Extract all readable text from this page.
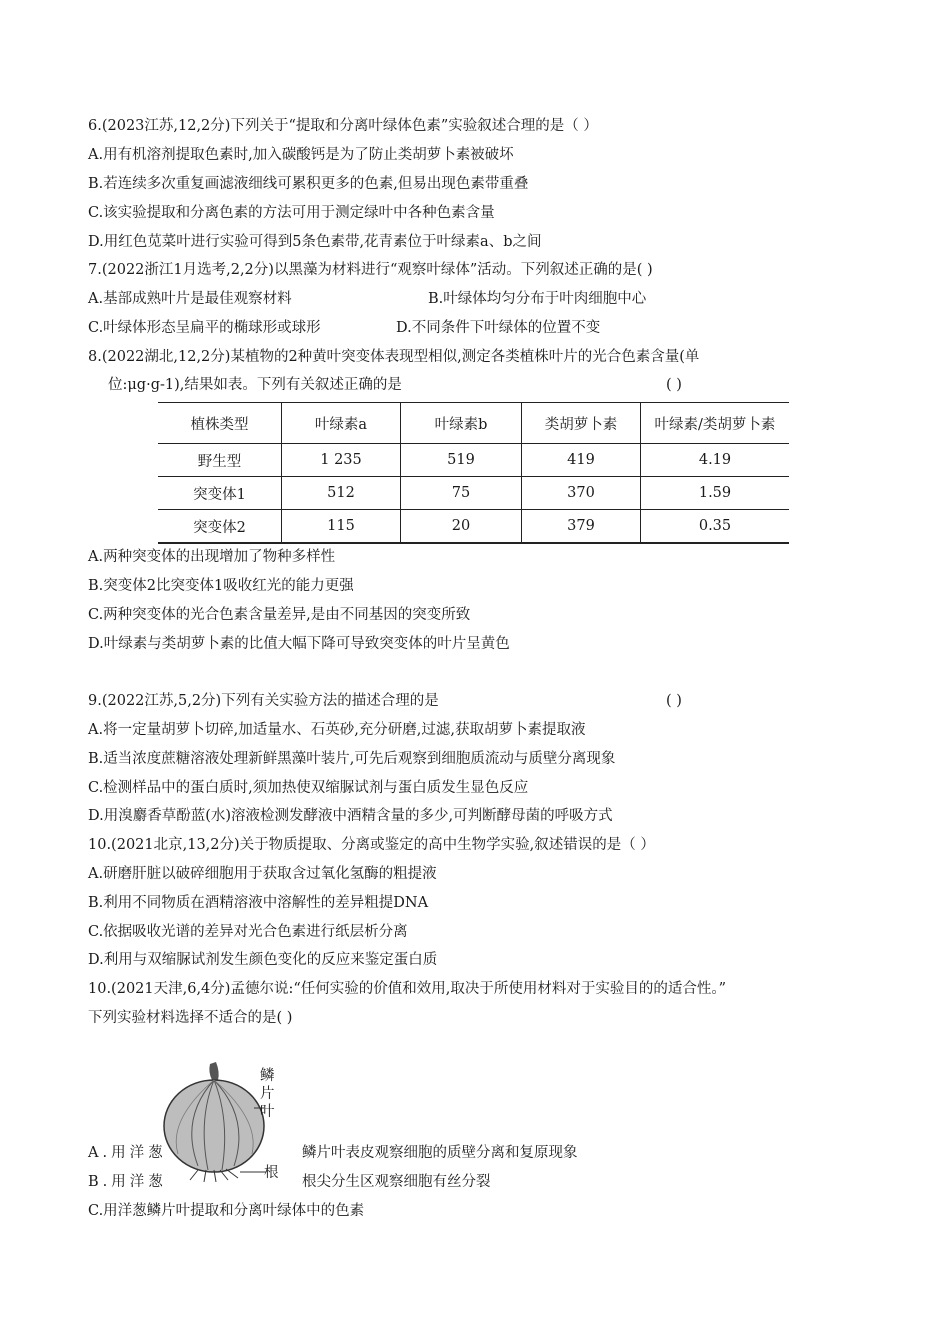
6.(2023江苏,12,2分)下列关于“提取和分离叶绿体色素”实验叙述合理的是（ ）
A.用有机溶剂提取色素时,加入碳酸钙是为了防止类胡萝卜素被破坏
B.若连续多次重复画滤液细线可累积更多的色素,但易出现色素带重叠
C.该实验提取和分离色素的方法可用于测定绿叶中各种色素含量
D.用红色苋菜叶进行实验可得到5条色素带,花青素位于叶绿素a、b之间
7.(2022浙江1月选考,2,2分)以黑藻为材料进行“观察叶绿体”活动。下列叙述正确的是( )
A.基部成熟叶片是最佳观察材料	B.叶绿体均匀分布于叶肉细胞中心
C.叶绿体形态呈扁平的椭球形或球形	D.不同条件下叶绿体的位置不变
8.(2022湖北,12,2分)某植物的2种黄叶突变体表现型相似,测定各类植株叶片的光合色素含量(单
位:μg·g-1),结果如表。下列有关叙述正确的是	( )
植株类型	叶绿素a	叶绿素b	类胡萝卜素	叶绿素/类胡萝卜素
野生型	1 235	519	419	4.19
突变体1	512	75	370	1.59
突变体2	115	20	379	0.35
A.两种突变体的出现增加了物种多样性
B.突变体2比突变体1吸收红光的能力更强
C.两种突变体的光合色素含量差异,是由不同基因的突变所致
D.叶绿素与类胡萝卜素的比值大幅下降可导致突变体的叶片呈黄色
9.(2022江苏,5,2分)下列有关实验方法的描述合理的是	( )
A.将一定量胡萝卜切碎,加适量水、石英砂,充分研磨,过滤,获取胡萝卜素提取液
B.适当浓度蔗糖溶液处理新鲜黑藻叶装片,可先后观察到细胞质流动与质壁分离现象
C.检测样品中的蛋白质时,须加热使双缩脲试剂与蛋白质发生显色反应
D.用溴麝香草酚蓝(水)溶液检测发酵液中酒精含量的多少,可判断酵母菌的呼吸方式
10.(2021北京,13,2分)关于物质提取、分离或鉴定的高中生物学实验,叙述错误的是（ ）
A.研磨肝脏以破碎细胞用于获取含过氧化氢酶的粗提液
B.利用不同物质在酒精溶液中溶解性的差异粗提DNA
C.依据吸收光谱的差异对光合色素进行纸层析分离
D.利用与双缩脲试剂发生颜色变化的反应来鉴定蛋白质
10.(2021天津,6,4分)孟德尔说:“任何实验的价值和效用,取决于所使用材料对于实验目的的适合性。”
下列实验材料选择不适合的是( )
鳞片叶
根
A.用洋葱	鳞片叶表皮观察细胞的质壁分离和复原现象
B.用洋葱	根尖分生区观察细胞有丝分裂
C.用洋葱鳞片叶提取和分离叶绿体中的色素
